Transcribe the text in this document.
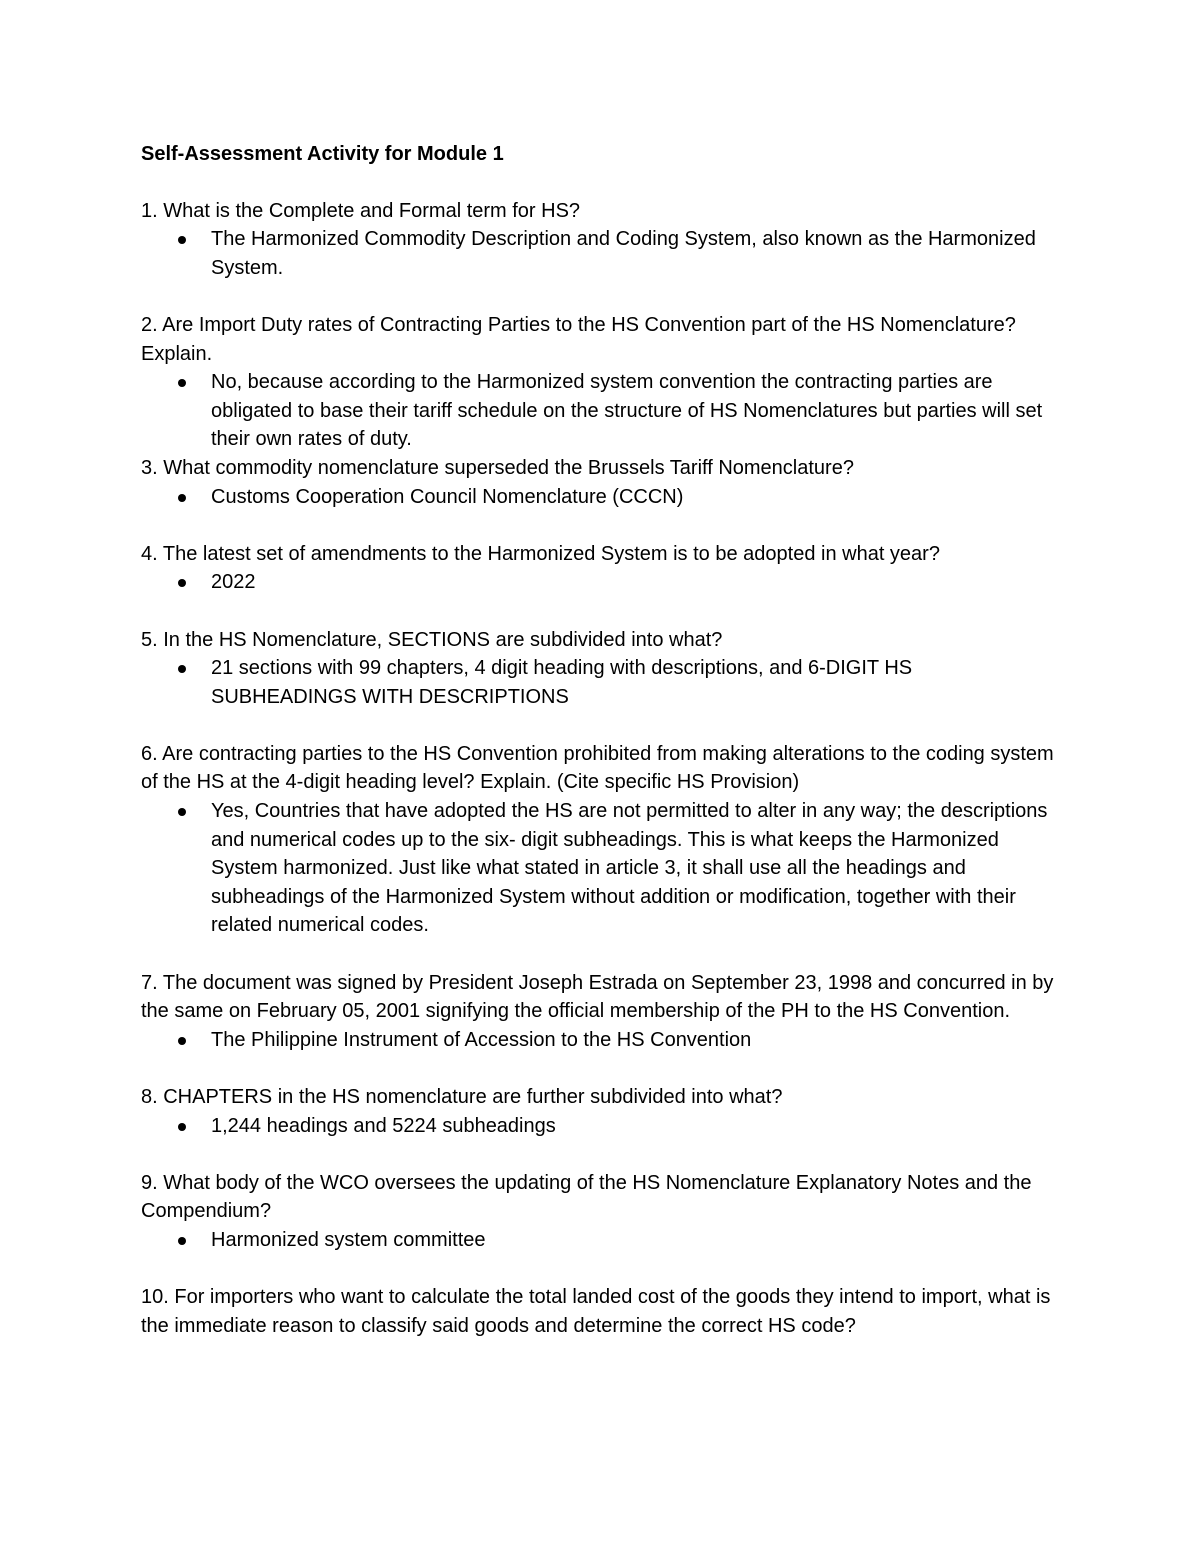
Self-Assessment Activity for Module 1
1. What is the Complete and Formal term for HS?
The Harmonized Commodity Description and Coding System, also known as the Harmonized System.
2. Are Import Duty rates of Contracting Parties to the HS Convention part of the HS Nomenclature? Explain.
No, because according to the Harmonized system convention the contracting parties are obligated to base their tariff schedule on the structure of HS Nomenclatures but parties will set their own rates of duty.
3. What commodity nomenclature superseded the Brussels Tariff Nomenclature?
Customs Cooperation Council Nomenclature (CCCN)
4. The latest set of amendments to the Harmonized System is to be adopted in what year?
2022
5. In the HS Nomenclature, SECTIONS are subdivided into what?
21 sections with 99 chapters, 4 digit heading with descriptions, and 6-DIGIT HS SUBHEADINGS WITH DESCRIPTIONS
6. Are contracting parties to the HS Convention prohibited from making alterations to the coding system of the HS at the 4-digit heading level? Explain. (Cite specific HS Provision)
Yes, Countries that have adopted the HS are not permitted to alter in any way; the descriptions and numerical codes up to the six- digit subheadings. This is what keeps the Harmonized System harmonized. Just like what stated in article 3, it shall use all the headings and subheadings of the Harmonized System without addition or modification, together with their related numerical codes.
7. The document was signed by President Joseph Estrada on September 23, 1998 and concurred in by the same on February 05, 2001 signifying the official membership of the PH to the HS Convention.
The Philippine Instrument of Accession to the HS Convention
8. CHAPTERS in the HS nomenclature are further subdivided into what?
1,244 headings and 5224 subheadings
9. What body of the WCO oversees the updating of the HS Nomenclature Explanatory Notes and the Compendium?
Harmonized system committee
10. For importers who want to calculate the total landed cost of the goods they intend to import, what is the immediate reason to classify said goods and determine the correct HS code?
